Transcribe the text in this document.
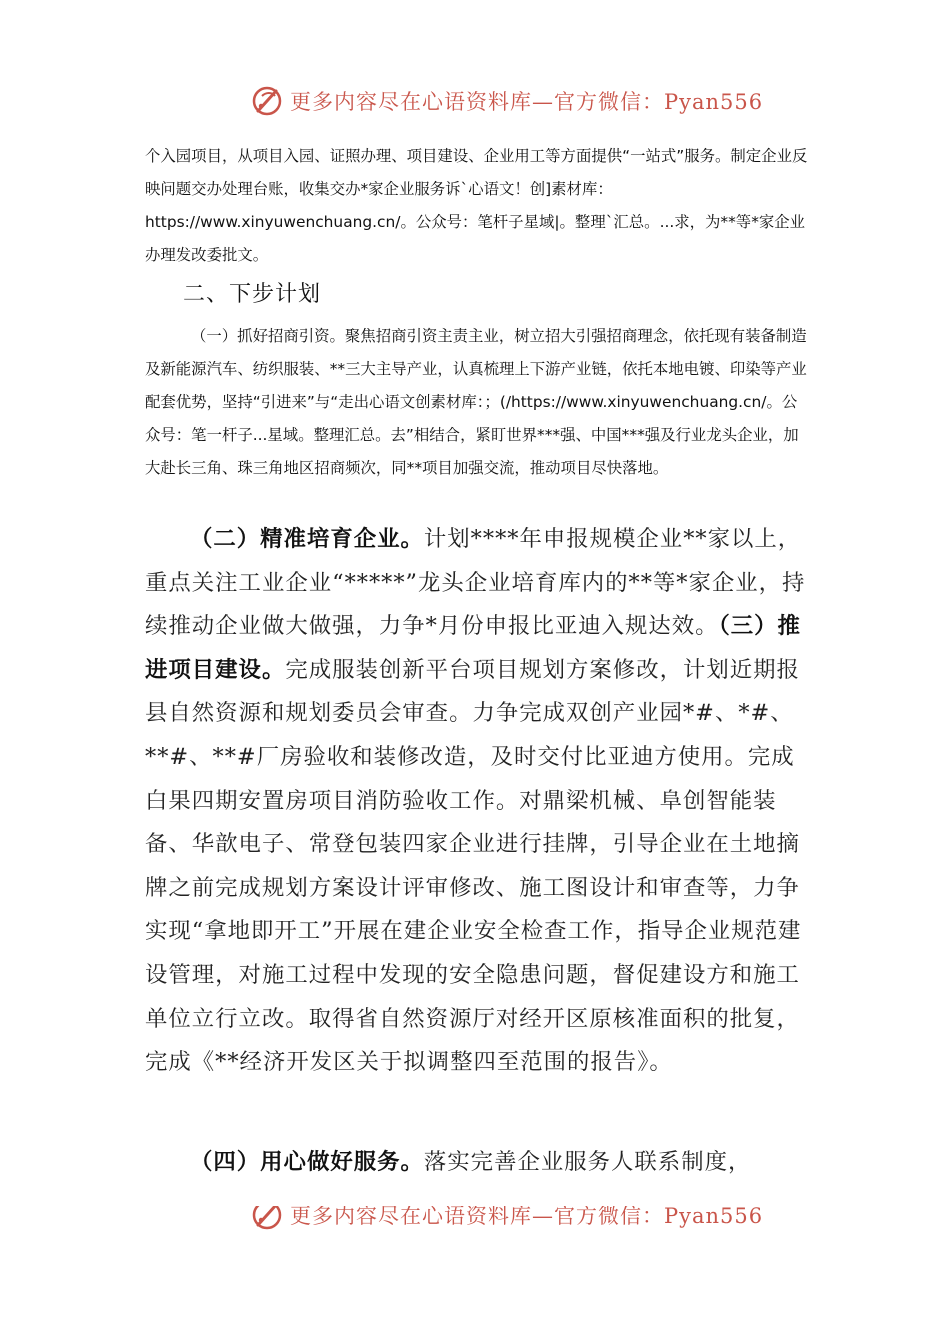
更多内容尽在心语资料库—官方微信：Pyan556

个入园项目，从项目入园、证照办理、项目建设、企业用工等方面提供“一站式”服务。制定企业反映问题交办处理台账，收集交办*家企业服务诉`心语文！创]素材库：https://www.xinyuwenchuang.cn/。公众号：笔杆子星域|。整理`汇总。...求，为**等*家企业办理发改委批文。

二、下步计划

（一）抓好招商引资。聚焦招商引资主责主业，树立招大引强招商理念，依托现有装备制造及新能源汽车、纺织服装、**三大主导产业，认真梳理上下游产业链，依托本地电镀、印染等产业配套优势，坚持“引进来”与“走出心语文创素材库：；(/https://www.xinyuwenchuang.cn/。公众号：笔一杆子...星域。整理汇总。去”相结合，紧盯世界***强、中国***强及行业龙头企业，加大赴长三角、珠三角地区招商频次，同**项目加强交流，推动项目尽快落地。

（二）精准培育企业。计划****年申报规模企业**家以上，重点关注工业企业“*****”龙头企业培育库内的**等*家企业，持续推动企业做大做强，力争*月份申报比亚迪入规达效。（三）推进项目建设。完成服装创新平台项目规划方案修改，计划近期报县自然资源和规划委员会审查。力争完成双创产业园*#、*#、**#、**#厂房验收和装修改造，及时交付比亚迪方使用。完成白果四期安置房项目消防验收工作。对鼎梁机械、阜创智能装备、华歆电子、常登包装四家企业进行挂牌，引导企业在土地摘牌之前完成规划方案设计评审修改、施工图设计和审查等，力争实现“拿地即开工”开展在建企业安全检查工作，指导企业规范建设管理，对施工过程中发现的安全隐患问题，督促建设方和施工单位立行立改。取得省自然资源厅对经开区原核准面积的批复，完成《**经济开发区关于拟调整四至范围的报告》。

（四）用心做好服务。落实完善企业服务人联系制度，

更多内容尽在心语资料库—官方微信：Pyan556
